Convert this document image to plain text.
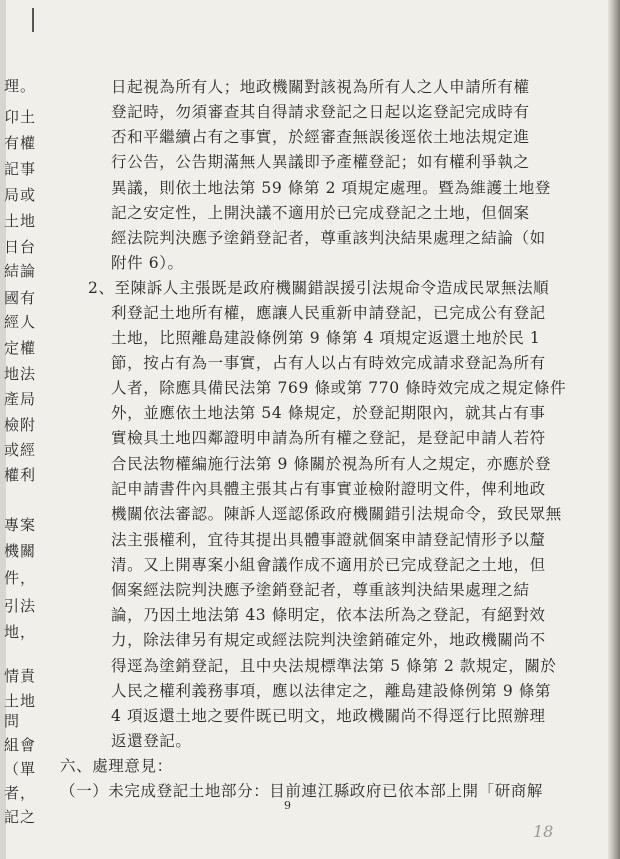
理。
卬土
有權
記事
局或
土地
日台
結論
國有
經人
定權
地法
產局
檢附
或經
權利
專案
機關
件，
引法
地，
情責
土地
問
組會
（單
者，
記之
日起視為所有人；地政機關對該視為所有人之人申請所有權
登記時，勿須審查其自得請求登記之日起以迄登記完成時有
否和平繼續占有之事實，於經審查無誤後逕依土地法規定進
行公告，公告期滿無人異議即予產權登記；如有權利爭執之
異議，則依土地法第 59 條第 2 項規定處理。暨為維護土地登
記之安定性，上開決議不適用於已完成登記之土地，但個案
經法院判決應予塗銷登記者，尊重該判決結果處理之結論（如
附件 6）。
2、至陳訴人主張既是政府機關錯誤援引法規命令造成民眾無法順
利登記土地所有權，應讓人民重新申請登記，已完成公有登記
土地，比照離島建設條例第 9 條第 4 項規定返還土地於民 1
節，按占有為一事實，占有人以占有時效完成請求登記為所有
人者，除應具備民法第 769 條或第 770 條時效完成之規定條件
外，並應依土地法第 54 條規定，於登記期限內，就其占有事
實檢具土地四鄰證明申請為所有權之登記，是登記申請人若符
合民法物權編施行法第 9 條關於視為所有人之規定，亦應於登
記申請書件內具體主張其占有事實並檢附證明文件，俾利地政
機關依法審認。陳訴人逕認係政府機關錯引法規命令，致民眾無
法主張權利，宜待其提出具體事證就個案申請登記情形予以釐
清。又上開專案小組會議作成不適用於已完成登記之土地，但
個案經法院判決應予塗銷登記者，尊重該判決結果處理之結
論，乃因土地法第 43 條明定，依本法所為之登記，有絕對效
力，除法律另有規定或經法院判決塗銷確定外，地政機關尚不
得逕為塗銷登記，且中央法規標準法第 5 條第 2 款規定，關於
人民之權利義務事項，應以法律定之，離島建設條例第 9 條第
4 項返還土地之要件既已明文，地政機關尚不得逕行比照辦理
返還登記。
六、處理意見：
（一）未完成登記土地部分：目前連江縣政府已依本部上開「研商解
9
18
